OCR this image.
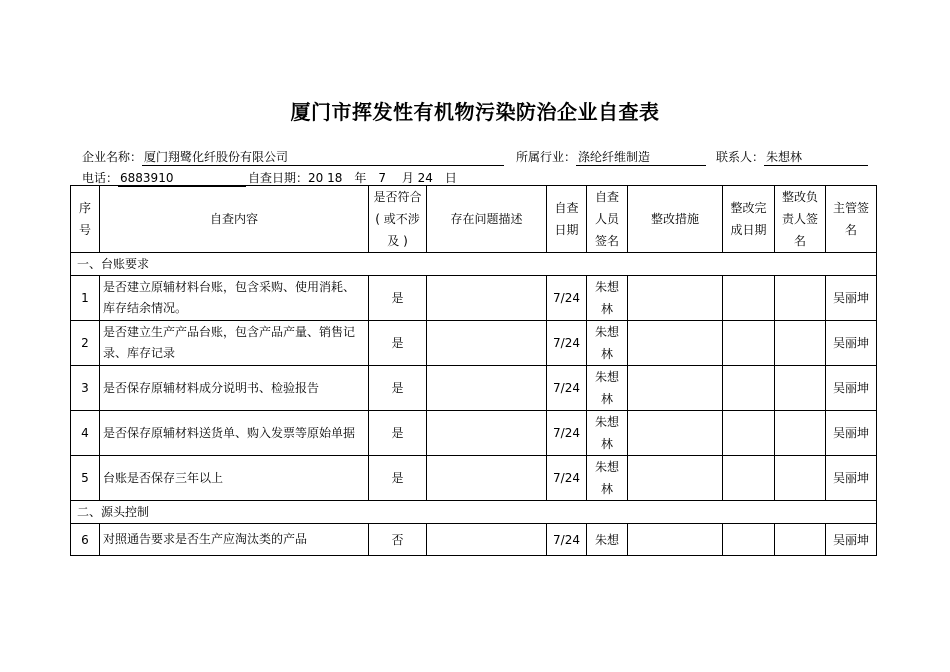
厦门市挥发性有机物污染防治企业自查表
企业名称： 厦门翔鹭化纤股份有限公司	所属行业： 涤纶纤维制造	联系人： 朱想林
电话： 6883910	自查日期：20 18　年　7　 月 24　日
序号	自查内容	是否符合( 或不涉及 )	存在问题描述	自查日期	自查人员签名	整改措施	整改完成日期	整改负责人签名	主管签名
一、台账要求									
1	是否建立原辅材料台账，包含采购、使用消耗、库存结余情况。	是		7/24	朱想林				吴丽坤
2	是否建立生产产品台账，包含产品产量、销售记录、库存记录	是		7/24	朱想林				吴丽坤
3	是否保存原辅材料成分说明书、检验报告	是		7/24	朱想林				吴丽坤
4	是否保存原辅材料送货单、购入发票等原始单据	是		7/24	朱想林				吴丽坤
5	台账是否保存三年以上	是		7/24	朱想林				吴丽坤
二、源头控制									
6	对照通告要求是否生产应淘汰类的产品	否		7/24	朱想				吴丽坤
